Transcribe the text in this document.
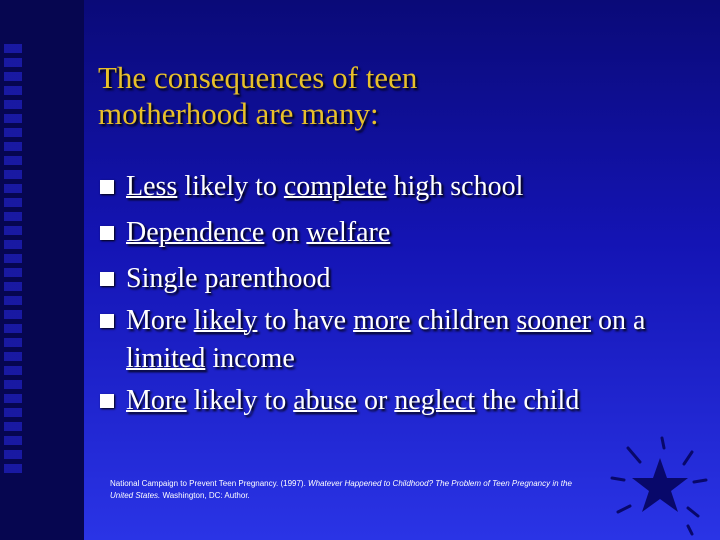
The consequences of teen
motherhood are many:
Less likely to complete high school
Dependence on welfare
Single parenthood
More likely to have more children sooner on a limited income
More likely to abuse or neglect the child
National Campaign to Prevent Teen Pregnancy. (1997). Whatever Happened to Childhood? The Problem of Teen Pregnancy in the United States. Washington, DC: Author.
